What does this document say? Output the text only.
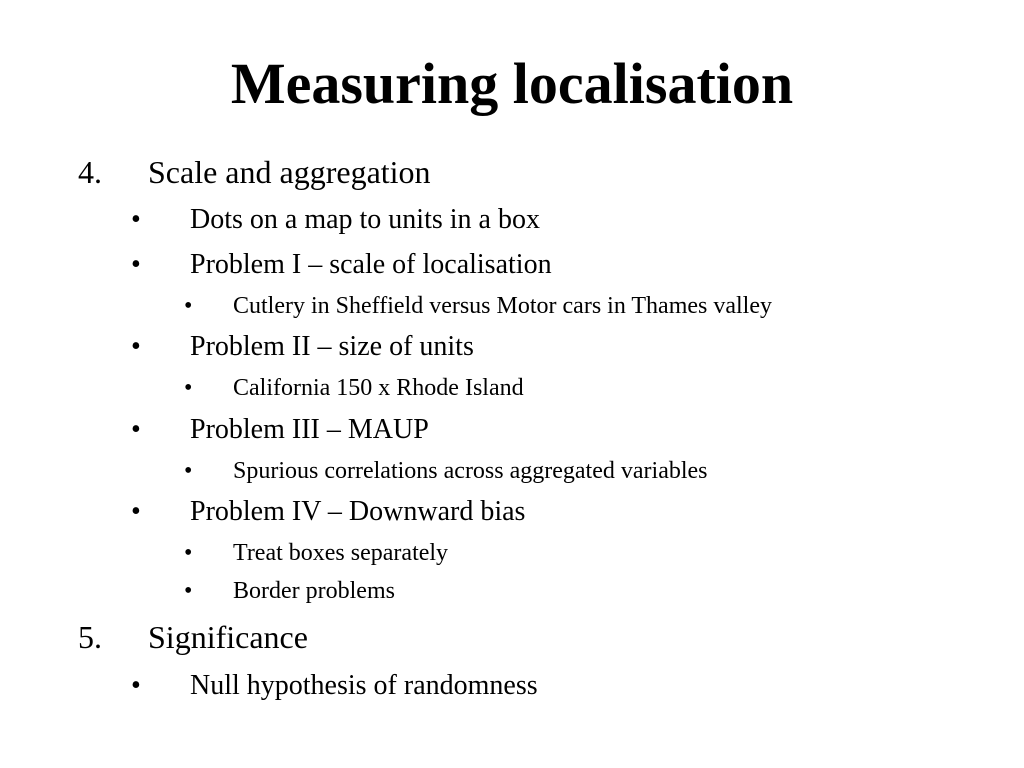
Measuring localisation
4. Scale and aggregation
• Dots on a map to units in a box
• Problem I – scale of localisation
• Cutlery in Sheffield versus Motor cars in Thames valley
• Problem II – size of units
• California 150 x Rhode Island
• Problem III – MAUP
• Spurious correlations across aggregated variables
• Problem IV – Downward bias
• Treat boxes separately
• Border problems
5. Significance
• Null hypothesis of randomness
